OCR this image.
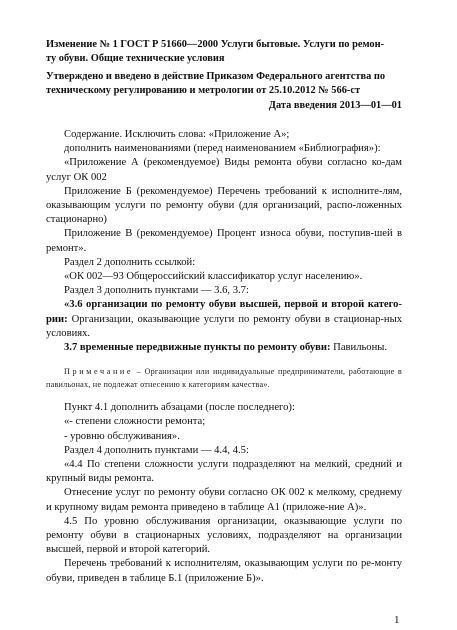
Изменение № 1 ГОСТ Р 51660—2000 Услуги бытовые. Услуги по ремон-

ту обуви. Общие технические условия

Утверждено и введено в действие Приказом Федерального агентства по

техническому регулированию и метрологии от 25.10.2012 № 566-ст

Дата введения 2013—01—01

Содержание. Исключить слова: «Приложение А»;

дополнить наименованиями (перед наименованием «Библиография»):

«Приложение А (рекомендуемое) Виды ремонта обуви согласно ко-дам услуг ОК 002

Приложение Б (рекомендуемое) Перечень требований к исполните-лям, оказывающим услуги по ремонту обуви (для организаций, распо-ложенных стационарно)

Приложение В (рекомендуемое) Процент износа обуви, поступив-шей в ремонт».

Раздел 2 дополнить ссылкой:

«ОК 002—93 Общероссийский классификатор услуг населению».

Раздел 3 дополнить пунктами — 3.6, 3.7:

«3.6 организации по ремонту обуви высшей, первой и второй катего-рии: Организации, оказывающие услуги по ремонту обуви в стационар-ных условиях.

3.7 временные передвижные пункты по ремонту обуви: Павильоны.

Примечание – Организации или индивидуальные предприниматели, работающие в павильонах, не подлежат отнесению к категориям качества».

Пункт 4.1 дополнить абзацами (после последнего):

«- степени сложности ремонта;

- уровню обслуживания».

Раздел 4 дополнить пунктами — 4.4, 4.5:

«4.4 По степени сложности услуги подразделяют на мелкий, средний и крупный виды ремонта.

Отнесение услуг по ремонту обуви согласно ОК 002 к мелкому, среднему и крупному видам ремонта приведено в таблице А1 (приложе-ние А)».

4.5 По уровню обслуживания организации, оказывающие услуги по ремонту обуви в стационарных условиях, подразделяют на организации высшей, первой и второй категорий.

Перечень требований к исполнителям, оказывающим услуги по ре-монту обуви, приведен в таблице Б.1 (приложение Б)».

1
